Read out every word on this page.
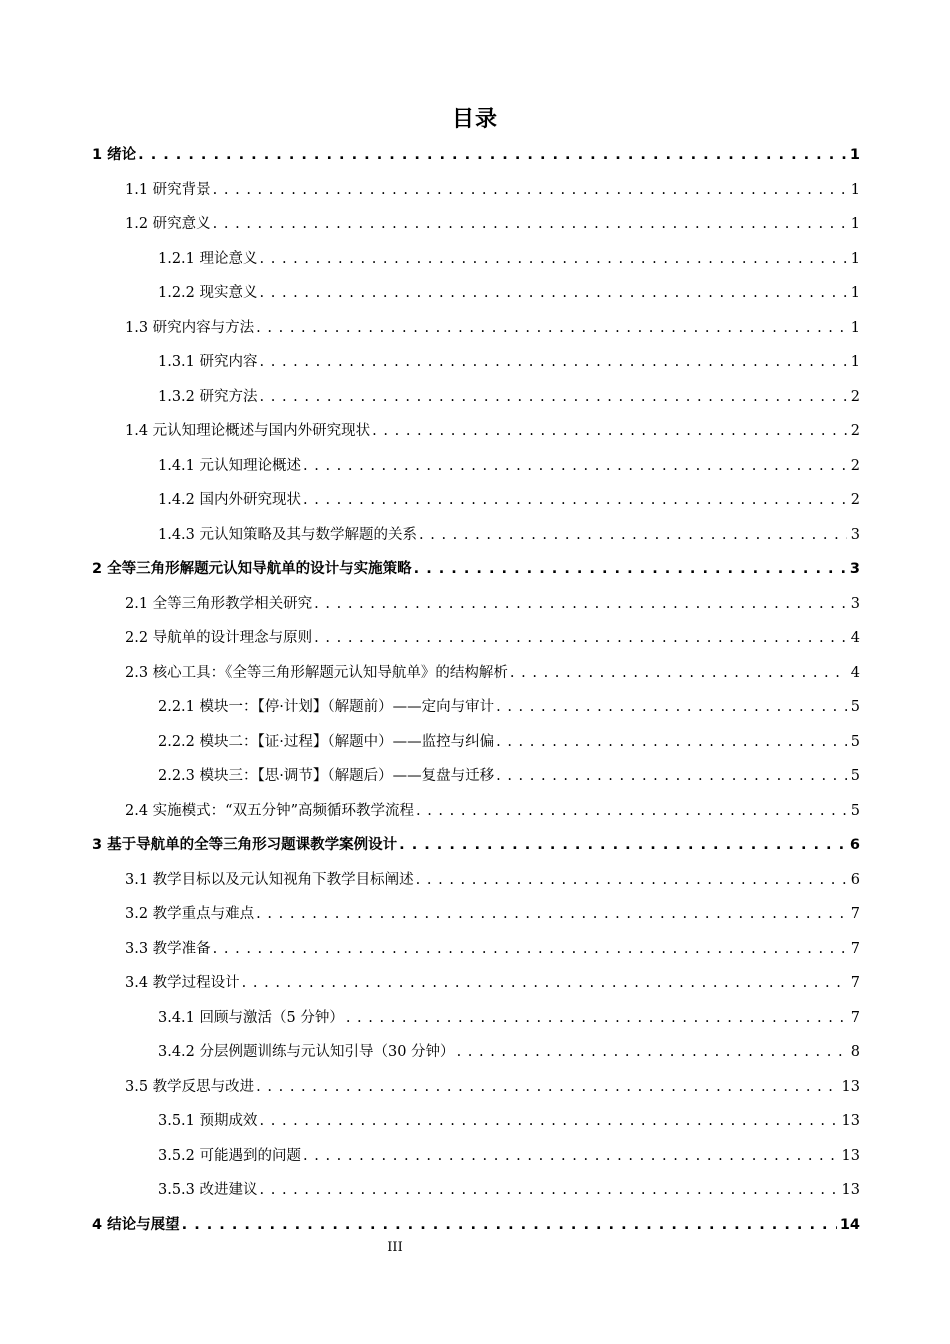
目录
1 绪论 . . .	1
1.1 研究背景 . . .	1
1.2 研究意义 . . .	1
1.2.1 理论意义 . . .	1
1.2.2 现实意义 . . .	1
1.3 研究内容与方法 . . .	1
1.3.1 研究内容 . . .	1
1.3.2 研究方法 . . .	2
1.4 元认知理论概述与国内外研究现状 . . .	2
1.4.1 元认知理论概述 . . .	2
1.4.2 国内外研究现状 . . .	2
1.4.3 元认知策略及其与数学解题的关系 . . .	3
2 全等三角形解题元认知导航单的设计与实施策略 . . .	3
2.1 全等三角形教学相关研究 . . .	3
2.2 导航单的设计理念与原则 . . .	4
2.3 核心工具：《全等三角形解题元认知导航单》的结构解析 . . .	4
2.2.1 模块一：【停·计划】（解题前）——定向与审计 . . .	5
2.2.2 模块二：【证·过程】（解题中）——监控与纠偏 . . .	5
2.2.3 模块三：【思·调节】（解题后）——复盘与迁移 . . .	5
2.4 实施模式：“双五分钟”高频循环教学流程 . . .	5
3 基于导航单的全等三角形习题课教学案例设计 . . .	6
3.1 教学目标以及元认知视角下教学目标阐述 . . .	6
3.2 教学重点与难点 . . .	7
3.3 教学准备 . . .	7
3.4 教学过程设计 . . .	7
3.4.1 回顾与激活（5 分钟） . . .	7
3.4.2 分层例题训练与元认知引导（30 分钟） . . .	8
3.5 教学反思与改进 . . .	13
3.5.1 预期成效 . . .	13
3.5.2 可能遇到的问题 . . .	13
3.5.3 改进建议 . . .	13
4 结论与展望 . . .	14
III
